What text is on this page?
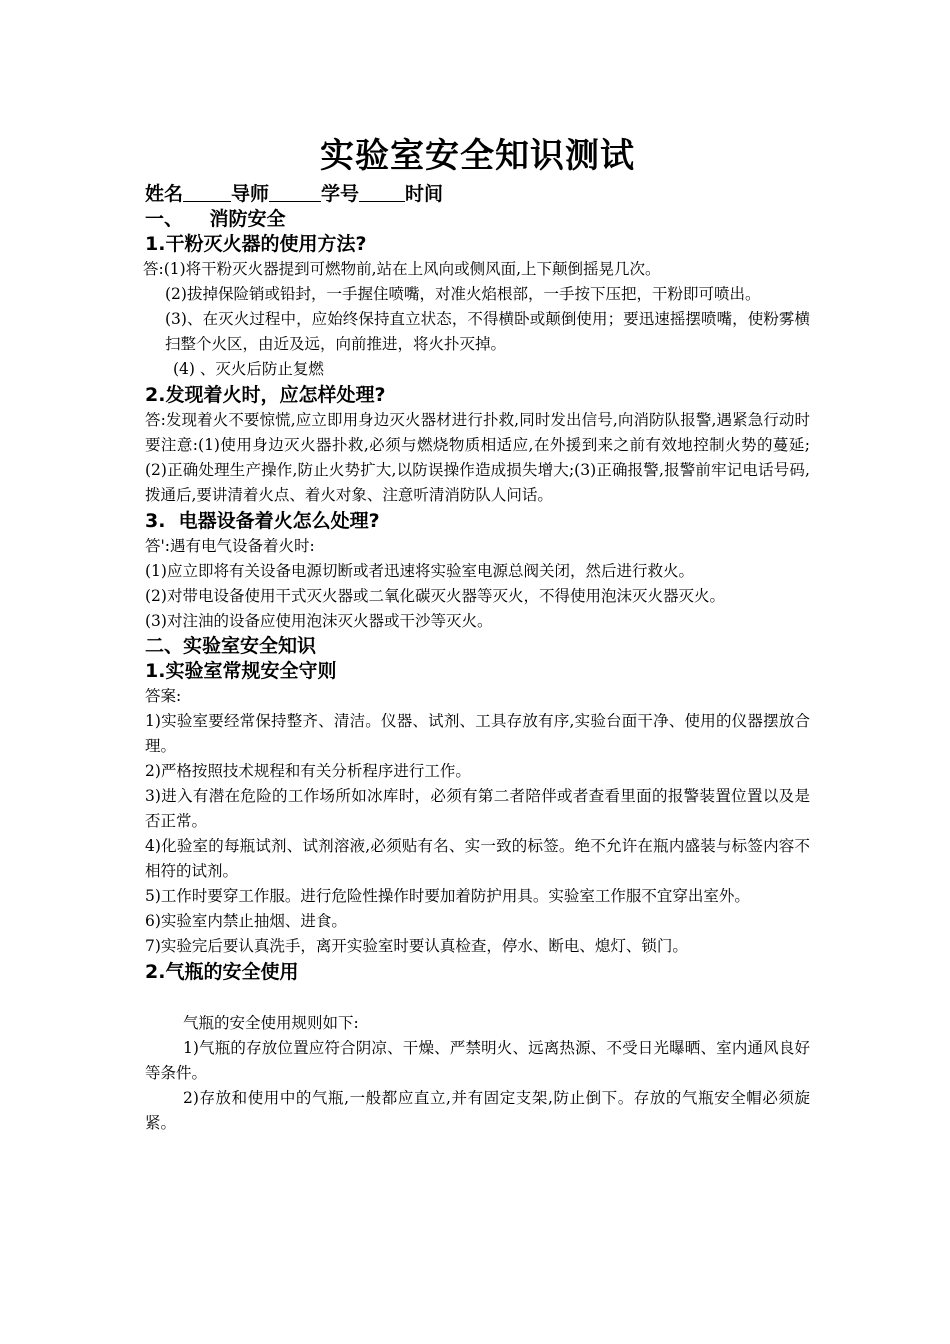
实验室安全知识测试
姓名	导师	学号 时间
一、    消防安全
1.干粉灭火器的使用方法?

答:(1)将干粉灭火器提到可燃物前,站在上风向或侧风面,上下颠倒摇晃几次。

(2)拔掉保险销或铅封，一手握住喷嘴，对准火焰根部，一手按下压把，干粉即可喷出。

(3)、在灭火过程中，应始终保持直立状态，不得横卧或颠倒使用；要迅速摇摆喷嘴，使粉雾横扫整个火区，由近及远，向前推进，将火扑灭掉。

(4) 、灭火后防止复燃

2.发现着火时，应怎样处理?

答:发现着火不要惊慌,应立即用身边灭火器材进行扑救,同时发出信号,向消防队报警,遇紧急行动时要注意:(1)使用身边灭火器扑救,必须与燃烧物质相适应,在外援到来之前有效地控制火势的蔓延;(2)正确处理生产操作,防止火势扩大,以防误操作造成损失增大;(3)正确报警,报警前牢记电话号码,拨通后,要讲清着火点、着火对象、注意听清消防队人问话。

3.  电器设备着火怎么处理?

答':遇有电气设备着火时:

(1)应立即将有关设备电源切断或者迅速将实验室电源总阀关闭，然后进行救火。

(2)对带电设备使用干式灭火器或二氧化碳灭火器等灭火，不得使用泡沫灭火器灭火。

(3)对注油的设备应使用泡沫灭火器或干沙等灭火。

二、实验室安全知识
1.实验室常规安全守则

答案:

1)实验室要经常保持整齐、清洁。仪器、试剂、工具存放有序,实验台面干净、使用的仪器摆放合理。

2)严格按照技术规程和有关分析程序进行工作。

3)进入有潜在危险的工作场所如冰库时，必须有第二者陪伴或者查看里面的报警装置位置以及是否正常。

4)化验室的每瓶试剂、试剂溶液,必须贴有名、实一致的标签。绝不允许在瓶内盛装与标签内容不相符的试剂。

5)工作时要穿工作服。进行危险性操作时要加着防护用具。实验室工作服不宜穿出室外。

6)实验室内禁止抽烟、进食。

7)实验完后要认真洗手，离开实验室时要认真检查，停水、断电、熄灯、锁门。

2.气瓶的安全使用

气瓶的安全使用规则如下:

1)气瓶的存放位置应符合阴凉、干燥、严禁明火、远离热源、不受日光曝晒、室内通风良好等条件。

2)存放和使用中的气瓶,一般都应直立,并有固定支架,防止倒下。存放的气瓶安全帽必须旋紧。
